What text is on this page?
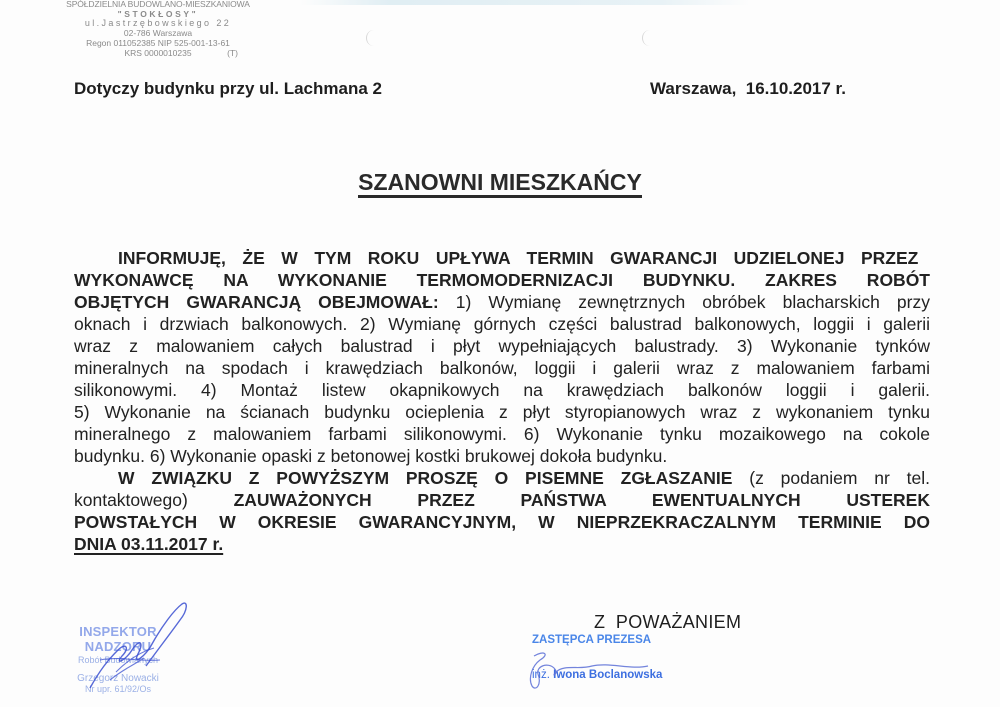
SPÓŁDZIELNIA BUDOWLANO-MIESZKANIOWA
"STOKŁOSY"
ul.Jastrzębowskiego 22
02-786 Warszawa
Regon 011052385 NIP 525-001-13-61
KRS 0000010235	(T)
Dotyczy budynku przy ul. Lachmana 2	Warszawa,  16.10.2017 r.
SZANOWNI MIESZKAŃCY
INFORMUJĘ, ŻE W TYM ROKU UPŁYWA TERMIN GWARANCJI UDZIELONEJ PRZEZ
WYKONAWCĘ NA WYKONANIE TERMOMODERNIZACJI BUDYNKU. ZAKRES ROBÓT
OBJĘTYCH GWARANCJĄ OBEJMOWAŁ: 1) Wymianę zewnętrznych obróbek blacharskich przy
oknach i drzwiach balkonowych. 2) Wymianę górnych części balustrad balkonowych, loggii i galerii
wraz z malowaniem całych balustrad i płyt wypełniających balustrady. 3) Wykonanie tynków
mineralnych na spodach i krawędziach balkonów, loggii i galerii wraz z malowaniem farbami
silikonowymi. 4) Montaż listew okapnikowych na krawędziach balkonów loggii i galerii.
5) Wykonanie na ścianach budynku ocieplenia z płyt styropianowych wraz z wykonaniem tynku
mineralnego z malowaniem farbami silikonowymi. 6) Wykonanie tynku mozaikowego na cokole
budynku. 6) Wykonanie opaski z betonowej kostki brukowej dokoła budynku.
W ZWIĄZKU Z POWYŻSZYM PROSZĘ O PISEMNE ZGŁASZANIE (z podaniem nr tel.
kontaktowego) ZAUWAŻONYCH PRZEZ PAŃSTWA EWENTUALNYCH USTEREK
POWSTAŁYCH W OKRESIE GWARANCYJNYM, W NIEPRZEKRACZALNYM TERMINIE DO
DNIA 03.11.2017 r.
Z  POWAŻANIEM
ZASTĘPCA PREZESA
inż. Iwona Boclanowska
INSPEKTOR NADZORU
Robót Budowlanych
Grzegorz Nowacki
Nr upr. 61/92/Os
